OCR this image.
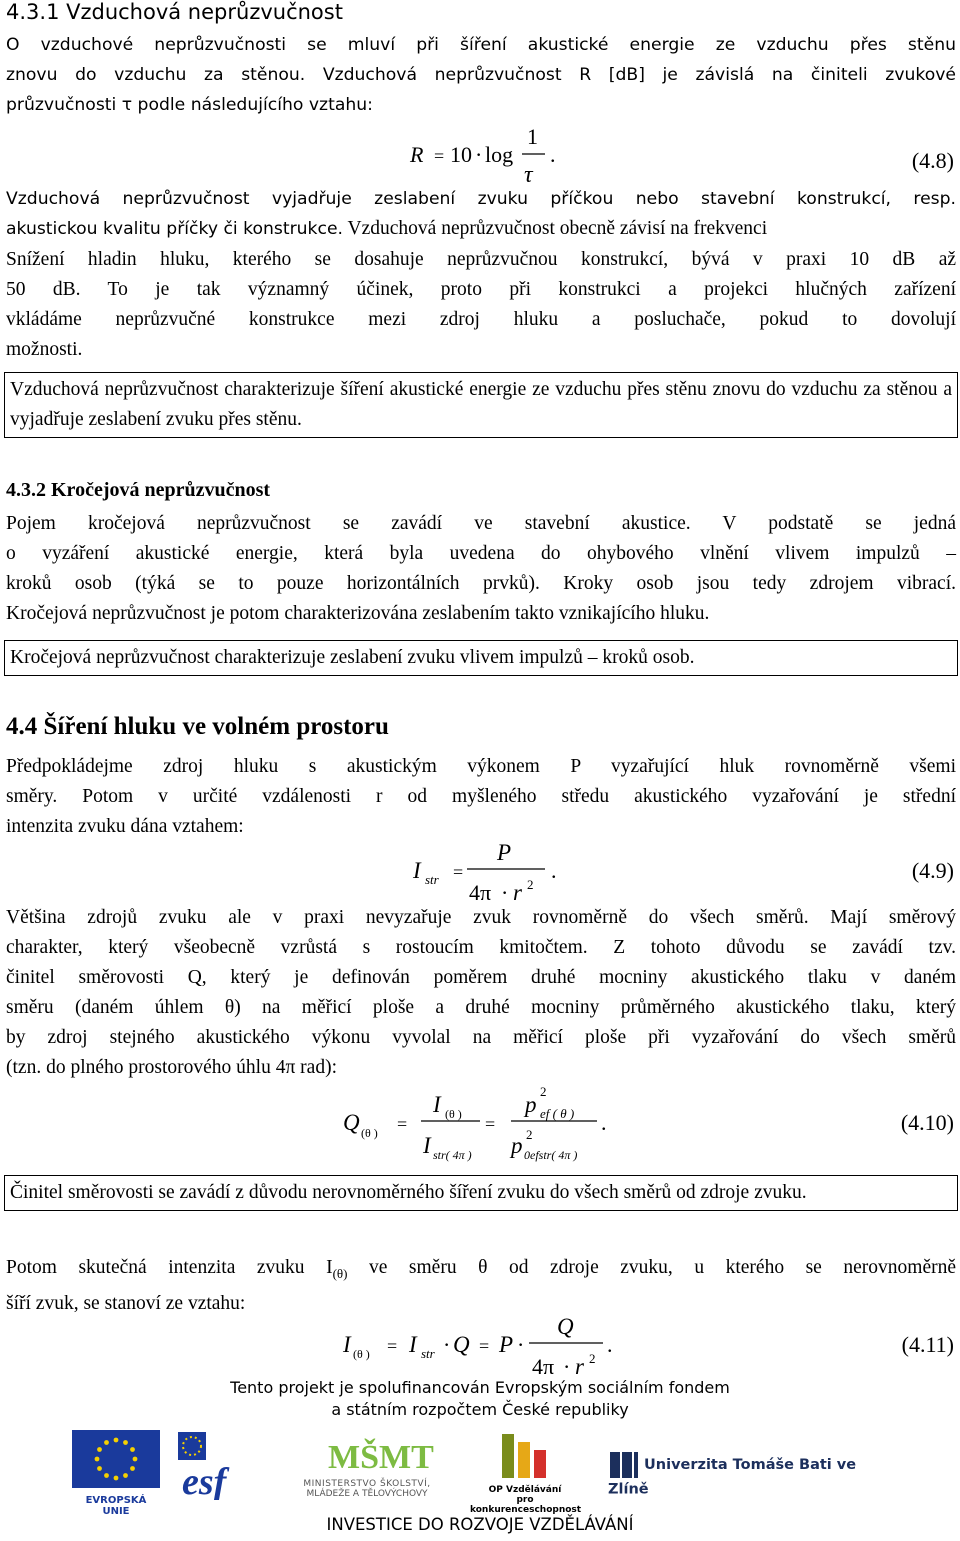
4.3.1 Vzduchová neprůzvučnost
O vzduchové neprůzvučnosti se mluví při šíření akustické energie ze vzduchu přes stěnu
znovu do vzduchu za stěnou. Vzduchová neprůzvučnost R [dB] je závislá na činiteli zvukové
průzvučnosti τ podle následujícího vztahu:
R = 10 · log
1
τ
.	(4.8)
Vzduchová neprůzvučnost vyjadřuje zeslabení zvuku příčkou nebo stavební konstrukcí, resp.
akustickou kvalitu příčky či konstrukce. Vzduchová neprůzvučnost obecně závisí na frekvenci
Snížení hladin hluku, kterého se dosahuje neprůzvučnou konstrukcí, bývá v praxi 10 dB až
50 dB. To je tak významný účinek, proto při konstrukci a projekci hlučných zařízení
vkládáme neprůzvučné konstrukce mezi zdroj hluku a posluchače, pokud to dovolují
možnosti.
Vzduchová neprůzvučnost charakterizuje šíření akustické energie ze vzduchu přes stěnu znovu do vzduchu za stěnou a vyjadřuje zeslabení zvuku přes stěnu.
4.3.2 Kročejová neprůzvučnost
Pojem kročejová neprůzvučnost se zavádí ve stavební akustice. V podstatě se jedná
o vyzáření akustické energie, která byla uvedena do ohybového vlnění vlivem impulzů –
kroků osob (týká se to pouze horizontálních prvků). Kroky osob jsou tedy zdrojem vibrací.
Kročejová neprůzvučnost je potom charakterizována zeslabením takto vznikajícího hluku.
Kročejová neprůzvučnost charakterizuje zeslabení zvuku vlivem impulzů – kroků osob.
4.4 Šíření hluku ve volném prostoru
Předpokládejme zdroj hluku s akustickým výkonem P vyzařující hluk rovnoměrně všemi
směry. Potom v určité vzdálenosti r od myšleného středu akustického vyzařování je střední
intenzita zvuku dána vztahem:
I str =
P
4π · r 2
.	(4.9)
Většina zdrojů zvuku ale v praxi nevyzařuje zvuk rovnoměrně do všech směrů. Mají směrový
charakter, který všeobecně vzrůstá s rostoucím kmitočtem. Z tohoto důvodu se zavádí tzv.
činitel směrovosti Q, který je definován poměrem druhé mocniny akustického tlaku v daném
směru (daném úhlem θ) na měřicí ploše a druhé mocniny průměrného akustického tlaku, který
by zdroj stejného akustického výkonu vyvolal na měřicí ploše při vyzařování do všech směrů
(tzn. do plného prostorového úhlu 4π rad):
Q (θ ) =
I (θ )
I str( 4π )
=
p ef ( θ )
2
p 0efstr( 4π )
2	.	(4.10)
Činitel směrovosti se zavádí z důvodu nerovnoměrného šíření zvuku do všech směrů od zdroje zvuku.
Potom skutečná intenzita zvuku $I_{(\theta)}$ ve směru θ od zdroje zvuku, u kterého se nerovnoměrně
šíří zvuk, se stanoví ze vztahu:
I (θ ) = I str · Q = P ·
Q
4π · r 2
.	(4.11)
Tento projekt je spolufinancován Evropským sociálním fondem
a státním rozpočtem České republiky
EVROPSKÁ UNIE
esf
MŠMT
MINISTERSTVO ŠKOLSTVÍ,
MLÁDEŽE A TĚLOVÝCHOVY	OP Vzdělávání
pro konkurenceschopnost
Univerzita Tomáše Bati ve Zlíně
INVESTICE DO ROZVOJE VZDĚLÁVÁNÍ
